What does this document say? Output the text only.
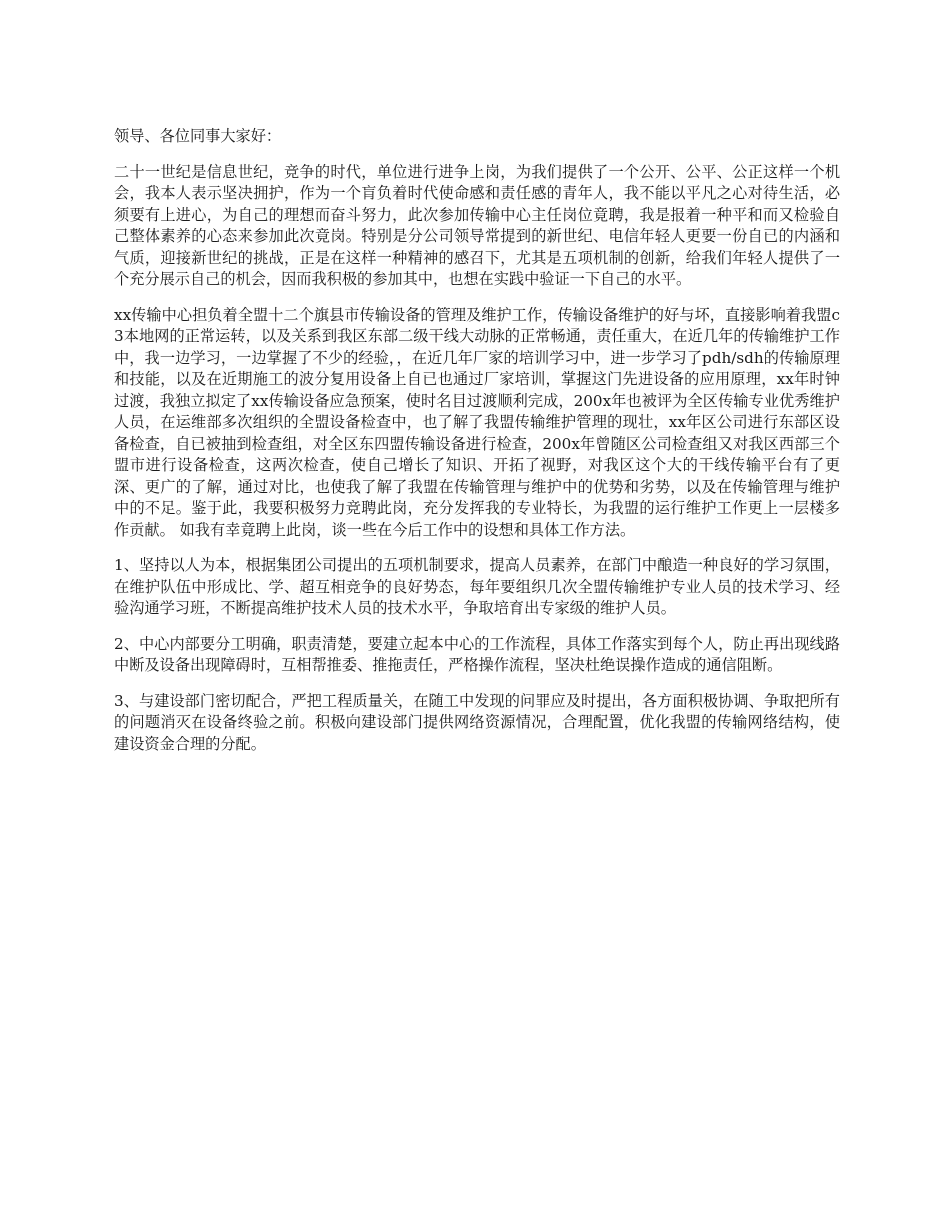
领导、各位同事大家好：

二十一世纪是信息世纪，竞争的时代，单位进行进争上岗，为我们提供了一个公开、公平、公正这样一个机会，我本人表示坚决拥护，作为一个肓负着时代使命感和责任感的青年人，我不能以平凡之心对待生活，必须要有上进心，为自己的理想而奋斗努力，此次参加传输中心主任岗位竟聘，我是报着一种平和而又检验自己整体素养的心态来参加此次竟岗。特别是分公司领导常提到的新世纪、电信年轻人更要一份自已的内涵和气质，迎接新世纪的挑战，正是在这样一种精神的感召下，尤其是五项机制的创新，给我们年轻人提供了一个充分展示自己的机会，因而我积极的参加其中，也想在实践中验证一下自己的水平。

xx传输中心担负着全盟十二个旗县市传输设备的管理及维护工作，传输设备维护的好与坏，直接影响着我盟c3本地网的正常运转，以及关系到我区东部二级干线大动脉的正常畅通，责任重大，在近几年的传输维护工作中，我一边学习，一边掌握了不少的经验，，在近几年厂家的培训学习中，进一步学习了pdh/sdh的传输原理和技能，以及在近期施工的波分复用设备上自已也通过厂家培训，掌握这门先进设备的应用原理，xx年时钟过渡，我独立拟定了xx传输设备应急预案，使时名目过渡顺利完成，200x年也被评为全区传输专业优秀维护人员，在运维部多次组织的全盟设备检查中，也了解了我盟传输维护管理的现壮，xx年区公司进行东部区设备检查，自已被抽到检查组，对全区东四盟传输设备进行检查，200x年曾随区公司检查组又对我区西部三个盟市进行设备检查，这两次检查，使自己增长了知识、开拓了视野，对我区这个大的干线传输平台有了更深、更广的了解，通过对比，也使我了解了我盟在传输管理与维护中的优势和劣势，以及在传输管理与维护中的不足。鉴于此，我要积极努力竞聘此岗，充分发挥我的专业特长，为我盟的运行维护工作更上一层楼多作贡献。 如我有幸竟聘上此岗，谈一些在今后工作中的设想和具体工作方法。

1、坚持以人为本，根据集团公司提出的五项机制要求，提高人员素养，在部门中酿造一种良好的学习氛围，在维护队伍中形成比、学、超互相竞争的良好势态，每年要组织几次全盟传输维护专业人员的技术学习、经验沟通学习班，不断提高维护技术人员的技术水平，争取培育出专家级的维护人员。

2、中心内部要分工明确，职责清楚，要建立起本中心的工作流程，具体工作落实到每个人，防止再出现线路中断及设备出现障碍时，互相帮推委、推拖责任，严格操作流程，坚决杜绝误操作造成的通信阻断。

3、与建设部门密切配合，严把工程质量关，在随工中发现的问罪应及时提出，各方面积极协调、争取把所有的问题消灭在设备终验之前。积极向建设部门提供网络资源情况，合理配置，优化我盟的传输网络结构，使建设资金合理的分配。
